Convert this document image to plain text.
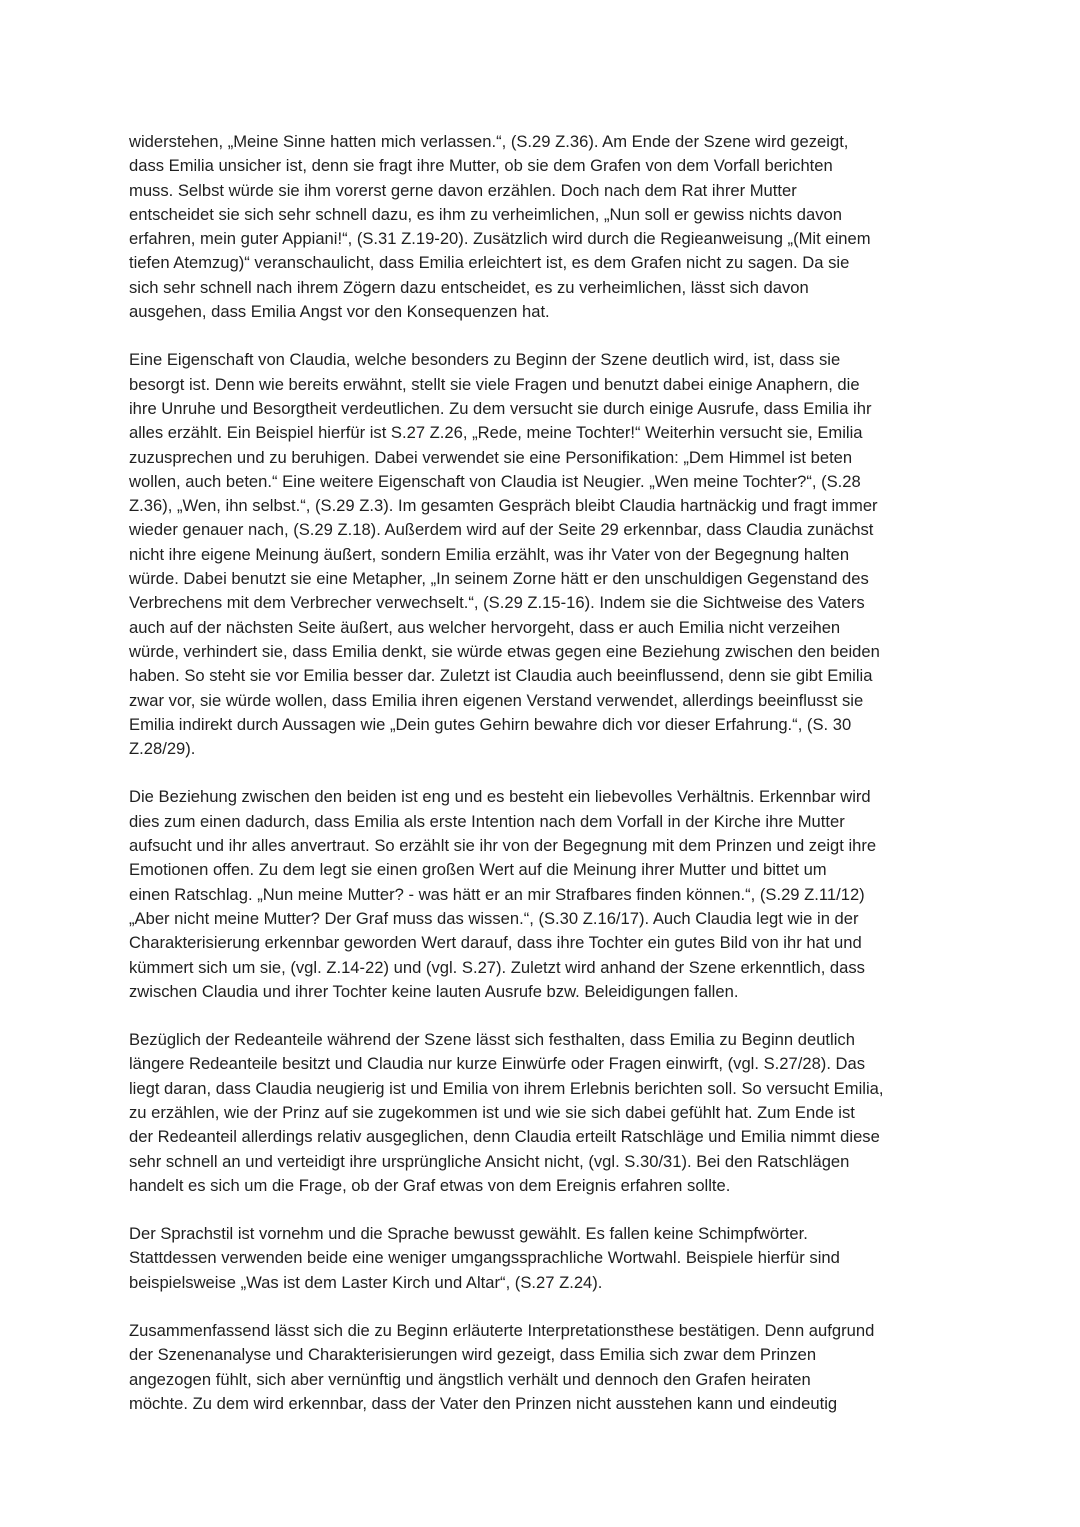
widerstehen, „Meine Sinne hatten mich verlassen.“, (S.29 Z.36). Am Ende der Szene wird gezeigt,
dass Emilia unsicher ist, denn sie fragt ihre Mutter, ob sie dem Grafen von dem Vorfall berichten
muss. Selbst würde sie ihm vorerst gerne davon erzählen. Doch nach dem Rat ihrer Mutter
entscheidet sie sich sehr schnell dazu, es ihm zu verheimlichen, „Nun soll er gewiss nichts davon
erfahren, mein guter Appiani!“, (S.31 Z.19-20). Zusätzlich wird durch die Regieanweisung „(Mit einem
tiefen Atemzug)“ veranschaulicht, dass Emilia erleichtert ist, es dem Grafen nicht zu sagen. Da sie
sich sehr schnell nach ihrem Zögern dazu entscheidet, es zu verheimlichen, lässt sich davon
ausgehen, dass Emilia Angst vor den Konsequenzen hat.

Eine Eigenschaft von Claudia, welche besonders zu Beginn der Szene deutlich wird, ist, dass sie
besorgt ist. Denn wie bereits erwähnt, stellt sie viele Fragen und benutzt dabei einige Anaphern, die
ihre Unruhe und Besorgtheit verdeutlichen. Zu dem versucht sie durch einige Ausrufe, dass Emilia ihr
alles erzählt. Ein Beispiel hierfür ist S.27 Z.26, „Rede, meine Tochter!“ Weiterhin versucht sie, Emilia
zuzusprechen und zu beruhigen. Dabei verwendet sie eine Personifikation: „Dem Himmel ist beten
wollen, auch beten.“ Eine weitere Eigenschaft von Claudia ist Neugier. „Wen meine Tochter?“, (S.28
Z.36), „Wen, ihn selbst.“, (S.29 Z.3). Im gesamten Gespräch bleibt Claudia hartnäckig und fragt immer
wieder genauer nach, (S.29 Z.18). Außerdem wird auf der Seite 29 erkennbar, dass Claudia zunächst
nicht ihre eigene Meinung äußert, sondern Emilia erzählt, was ihr Vater von der Begegnung halten
würde. Dabei benutzt sie eine Metapher, „In seinem Zorne hätt er den unschuldigen Gegenstand des
Verbrechens mit dem Verbrecher verwechselt.“, (S.29 Z.15-16). Indem sie die Sichtweise des Vaters
auch auf der nächsten Seite äußert, aus welcher hervorgeht, dass er auch Emilia nicht verzeihen
würde, verhindert sie, dass Emilia denkt, sie würde etwas gegen eine Beziehung zwischen den beiden
haben. So steht sie vor Emilia besser dar. Zuletzt ist Claudia auch beeinflussend, denn sie gibt Emilia
zwar vor, sie würde wollen, dass Emilia ihren eigenen Verstand verwendet, allerdings beeinflusst sie
Emilia indirekt durch Aussagen wie „Dein gutes Gehirn bewahre dich vor dieser Erfahrung.“, (S. 30
Z.28/29).

Die Beziehung zwischen den beiden ist eng und es besteht ein liebevolles Verhältnis. Erkennbar wird
dies zum einen dadurch, dass Emilia als erste Intention nach dem Vorfall in der Kirche ihre Mutter
aufsucht und ihr alles anvertraut. So erzählt sie ihr von der Begegnung mit dem Prinzen und zeigt ihre
Emotionen offen. Zu dem legt sie einen großen Wert auf die Meinung ihrer Mutter und bittet um
einen Ratschlag. „Nun meine Mutter? - was hätt er an mir Strafbares finden können.“, (S.29 Z.11/12)
„Aber nicht meine Mutter? Der Graf muss das wissen.“, (S.30 Z.16/17). Auch Claudia legt wie in der
Charakterisierung erkennbar geworden Wert darauf, dass ihre Tochter ein gutes Bild von ihr hat und
kümmert sich um sie, (vgl. Z.14-22) und (vgl. S.27). Zuletzt wird anhand der Szene erkenntlich, dass
zwischen Claudia und ihrer Tochter keine lauten Ausrufe bzw. Beleidigungen fallen.

Bezüglich der Redeanteile während der Szene lässt sich festhalten, dass Emilia zu Beginn deutlich
längere Redeanteile besitzt und Claudia nur kurze Einwürfe oder Fragen einwirft, (vgl. S.27/28). Das
liegt daran, dass Claudia neugierig ist und Emilia von ihrem Erlebnis berichten soll. So versucht Emilia,
zu erzählen, wie der Prinz auf sie zugekommen ist und wie sie sich dabei gefühlt hat. Zum Ende ist
der Redeanteil allerdings relativ ausgeglichen, denn Claudia erteilt Ratschläge und Emilia nimmt diese
sehr schnell an und verteidigt ihre ursprüngliche Ansicht nicht, (vgl. S.30/31). Bei den Ratschlägen
handelt es sich um die Frage, ob der Graf etwas von dem Ereignis erfahren sollte.

Der Sprachstil ist vornehm und die Sprache bewusst gewählt. Es fallen keine Schimpfwörter.
Stattdessen verwenden beide eine weniger umgangssprachliche Wortwahl. Beispiele hierfür sind
beispielsweise „Was ist dem Laster Kirch und Altar“, (S.27 Z.24).

Zusammenfassend lässt sich die zu Beginn erläuterte Interpretationsthese bestätigen. Denn aufgrund
der Szenenanalyse und Charakterisierungen wird gezeigt, dass Emilia sich zwar dem Prinzen
angezogen fühlt, sich aber vernünftig und ängstlich verhält und dennoch den Grafen heiraten
möchte. Zu dem wird erkennbar, dass der Vater den Prinzen nicht ausstehen kann und eindeutig
